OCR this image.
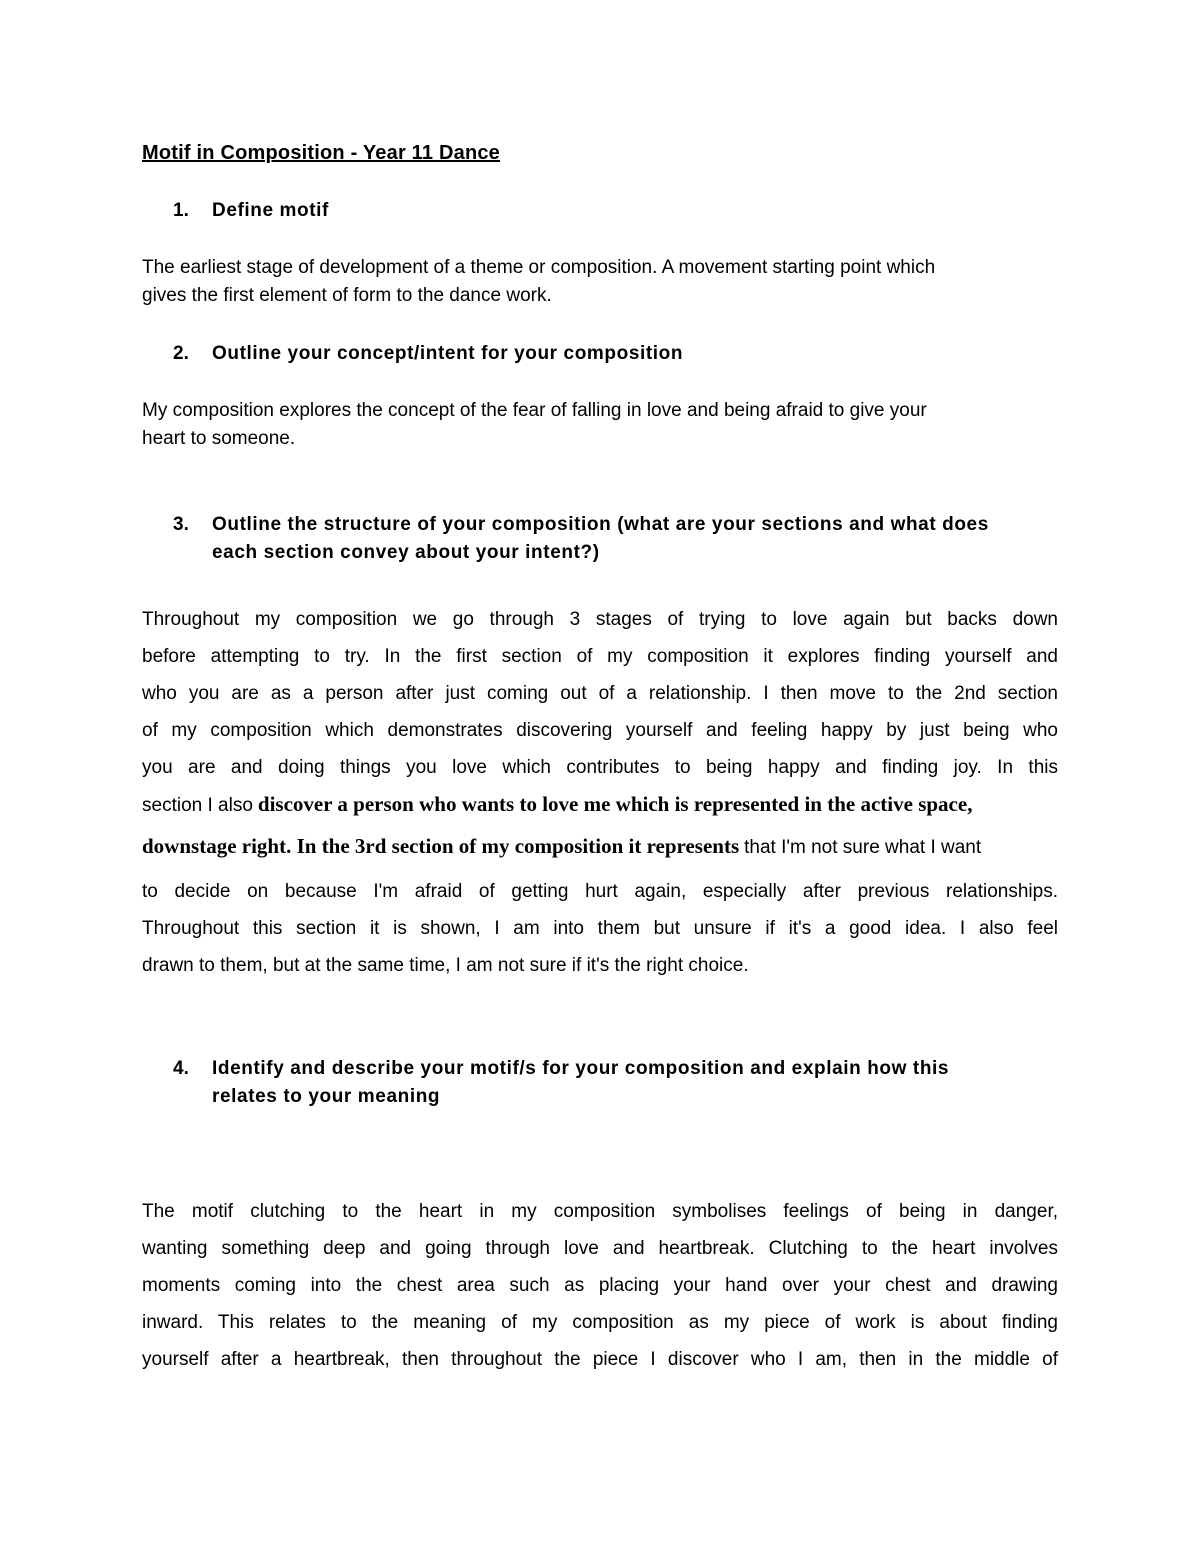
Motif in Composition - Year 11 Dance
1. Define motif
The earliest stage of development of a theme or composition. A movement starting point which
gives the first element of form to the dance work.
2. Outline your concept/intent for your composition
My composition explores the concept of the fear of falling in love and being afraid to give your
heart to someone.
3. Outline the structure of your composition (what are your sections and what does
each section convey about your intent?)
Throughout my composition we go through 3 stages of trying to love again but backs down
before attempting to try. In the first section of my composition it explores finding yourself and
who you are as a person after just coming out of a relationship. I then move to the 2nd section
of my composition which demonstrates discovering yourself and feeling happy by just being who
you are and doing things you love which contributes to being happy and finding joy. In this
section I also discover a person who wants to love me which is represented in the active space,
downstage right. In the 3rd section of my composition it represents that I'm not sure what I want
to decide on because I'm afraid of getting hurt again, especially after previous relationships.
Throughout this section it is shown, I am into them but unsure if it's a good idea. I also feel
drawn to them, but at the same time, I am not sure if it's the right choice.
4. Identify and describe your motif/s for your composition and explain how this
relates to your meaning
The motif clutching to the heart in my composition symbolises feelings of being in danger,
wanting something deep and going through love and heartbreak. Clutching to the heart involves
moments coming into the chest area such as placing your hand over your chest and drawing
inward. This relates to the meaning of my composition as my piece of work is about finding
yourself after a heartbreak, then throughout the piece I discover who I am, then in the middle of
